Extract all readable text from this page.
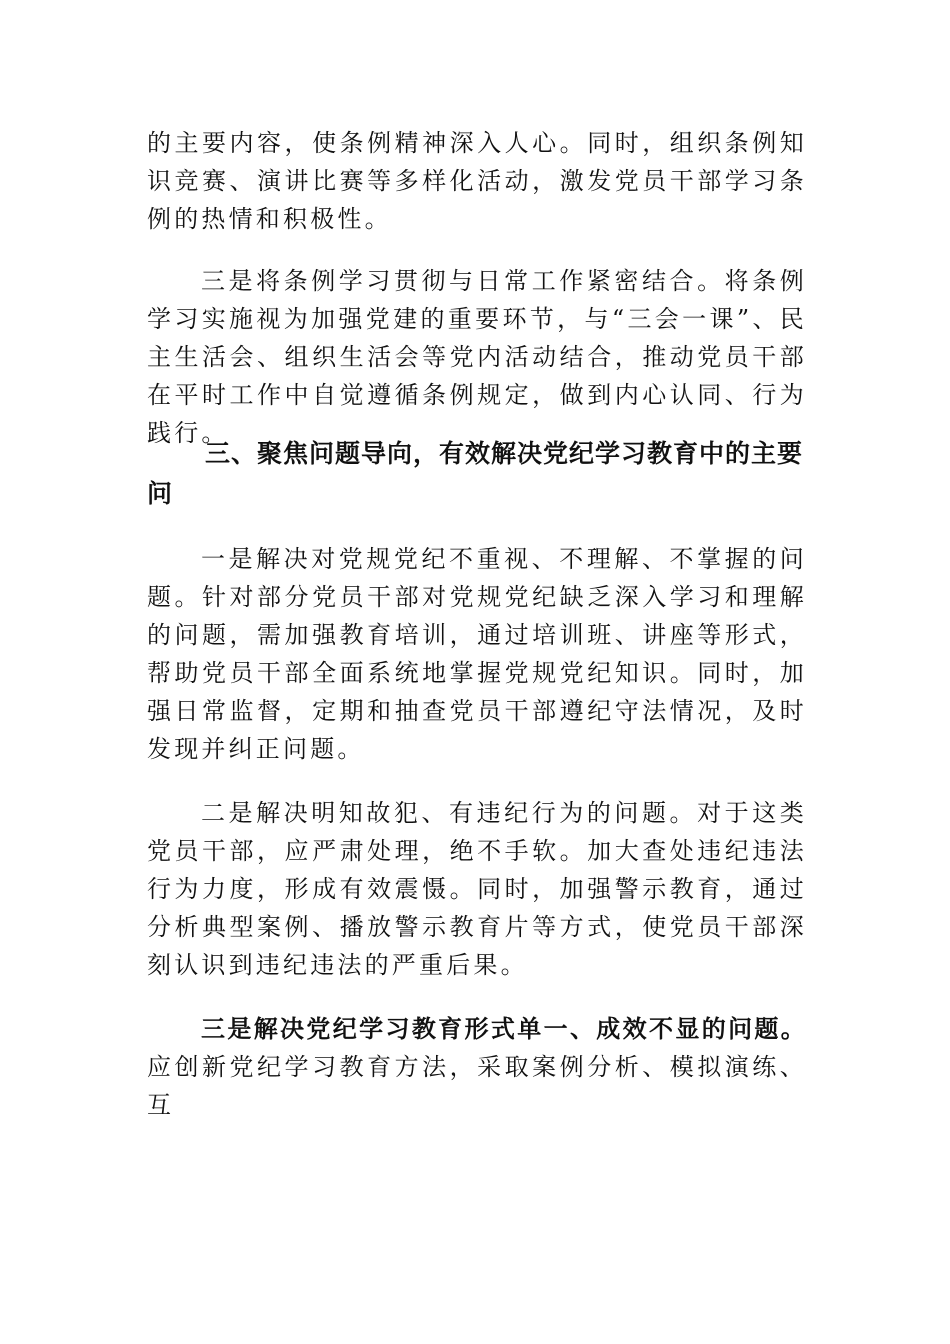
的主要内容，使条例精神深入人心。同时，组织条例知识竞赛、演讲比赛等多样化活动，激发党员干部学习条例的热情和积极性。

三是将条例学习贯彻与日常工作紧密结合。将条例学习实施视为加强党建的重要环节，与“三会一课”、民主生活会、组织生活会等党内活动结合，推动党员干部在平时工作中自觉遵循条例规定，做到内心认同、行为践行。

三、聚焦问题导向，有效解决党纪学习教育中的主要问

一是解决对党规党纪不重视、不理解、不掌握的问题。针对部分党员干部对党规党纪缺乏深入学习和理解的问题，需加强教育培训，通过培训班、讲座等形式，帮助党员干部全面系统地掌握党规党纪知识。同时，加强日常监督，定期和抽查党员干部遵纪守法情况，及时发现并纠正问题。

二是解决明知故犯、有违纪行为的问题。对于这类党员干部，应严肃处理，绝不手软。加大查处违纪违法行为力度，形成有效震慑。同时，加强警示教育，通过分析典型案例、播放警示教育片等方式，使党员干部深刻认识到违纪违法的严重后果。

三是解决党纪学习教育形式单一、成效不显的问题。应创新党纪学习教育方法，采取案例分析、模拟演练、互
